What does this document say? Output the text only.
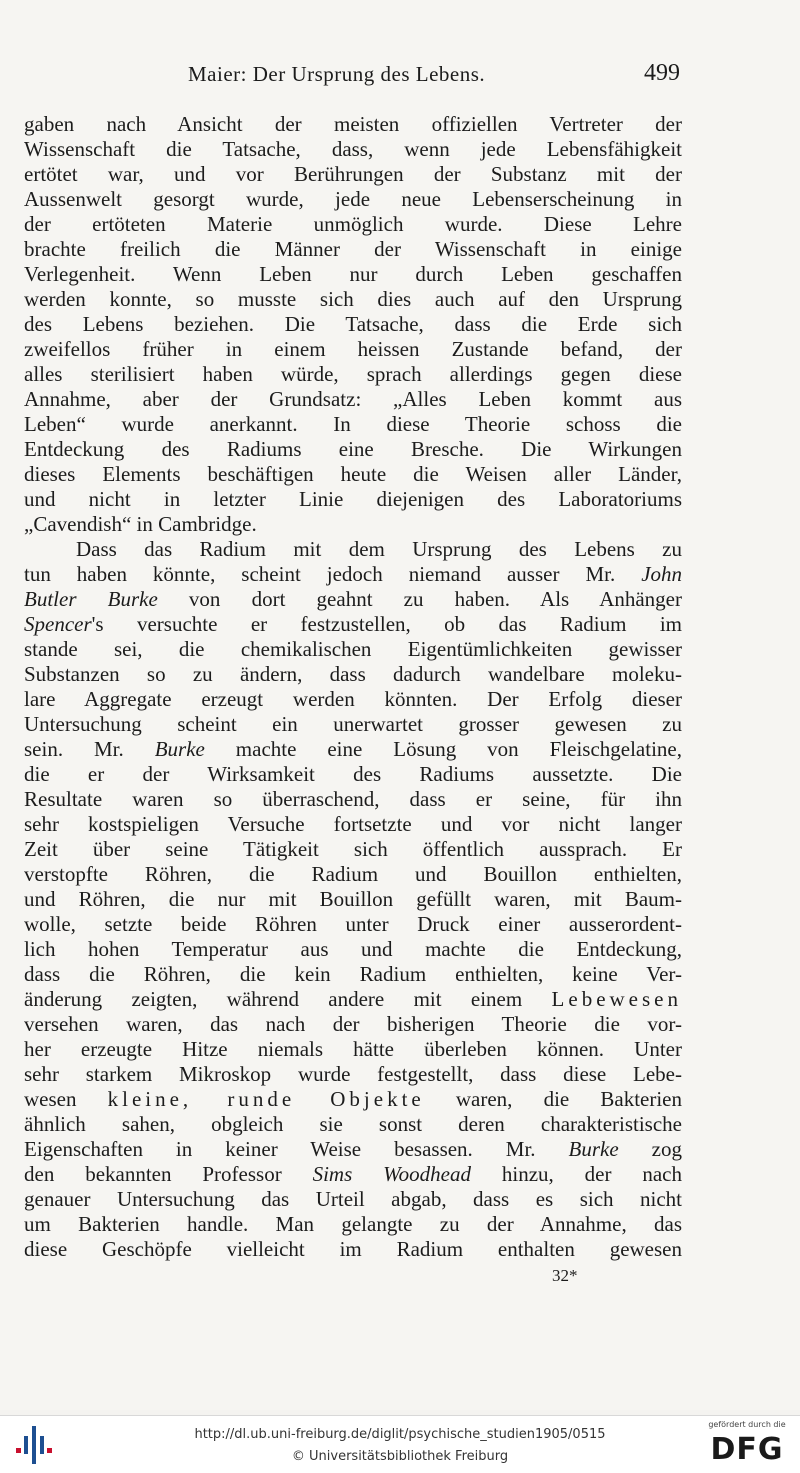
Maier: Der Ursprung des Lebens.	499
gaben nach Ansicht der meisten offiziellen Vertreter der
Wissenschaft die Tatsache, dass, wenn jede Lebensfähigkeit
ertötet war, und vor Berührungen der Substanz mit der
Aussenwelt gesorgt wurde, jede neue Lebenserscheinung in
der ertöteten Materie unmöglich wurde. Diese Lehre
brachte freilich die Männer der Wissenschaft in einige
Verlegenheit. Wenn Leben nur durch Leben geschaffen
werden konnte, so musste sich dies auch auf den Ursprung
des Lebens beziehen. Die Tatsache, dass die Erde sich
zweifellos früher in einem heissen Zustande befand, der
alles sterilisiert haben würde, sprach allerdings gegen diese
Annahme, aber der Grundsatz: „Alles Leben kommt aus
Leben“ wurde anerkannt. In diese Theorie schoss die
Entdeckung des Radiums eine Bresche. Die Wirkungen
dieses Elements beschäftigen heute die Weisen aller Länder,
und nicht in letzter Linie diejenigen des Laboratoriums
„Cavendish“ in Cambridge.
Dass das Radium mit dem Ursprung des Lebens zu
tun haben könnte, scheint jedoch niemand ausser Mr. John
Butler Burke von dort geahnt zu haben. Als Anhänger
Spencer's versuchte er festzustellen, ob das Radium im
stande sei, die chemikalischen Eigentümlichkeiten gewisser
Substanzen so zu ändern, dass dadurch wandelbare moleku-
lare Aggregate erzeugt werden könnten. Der Erfolg dieser
Untersuchung scheint ein unerwartet grosser gewesen zu
sein. Mr. Burke machte eine Lösung von Fleischgelatine,
die er der Wirksamkeit des Radiums aussetzte. Die
Resultate waren so überraschend, dass er seine, für ihn
sehr kostspieligen Versuche fortsetzte und vor nicht langer
Zeit über seine Tätigkeit sich öffentlich aussprach. Er
verstopfte Röhren, die Radium und Bouillon enthielten,
und Röhren, die nur mit Bouillon gefüllt waren, mit Baum-
wolle, setzte beide Röhren unter Druck einer ausserordent-
lich hohen Temperatur aus und machte die Entdeckung,
dass die Röhren, die kein Radium enthielten, keine Ver-
änderung zeigten, während andere mit einem Lebewesen
versehen waren, das nach der bisherigen Theorie die vor-
her erzeugte Hitze niemals hätte überleben können. Unter
sehr starkem Mikroskop wurde festgestellt, dass diese Lebe-
wesen kleine, runde Objekte waren, die Bakterien
ähnlich sahen, obgleich sie sonst deren charakteristische
Eigenschaften in keiner Weise besassen. Mr. Burke zog
den bekannten Professor Sims Woodhead hinzu, der nach
genauer Untersuchung das Urteil abgab, dass es sich nicht
um Bakterien handle. Man gelangte zu der Annahme, das
diese Geschöpfe vielleicht im Radium enthalten gewesen
32*
http://dl.ub.uni-freiburg.de/diglit/psychische_studien1905/0515
© Universitätsbibliothek Freiburg
gefördert durch die
DFG
